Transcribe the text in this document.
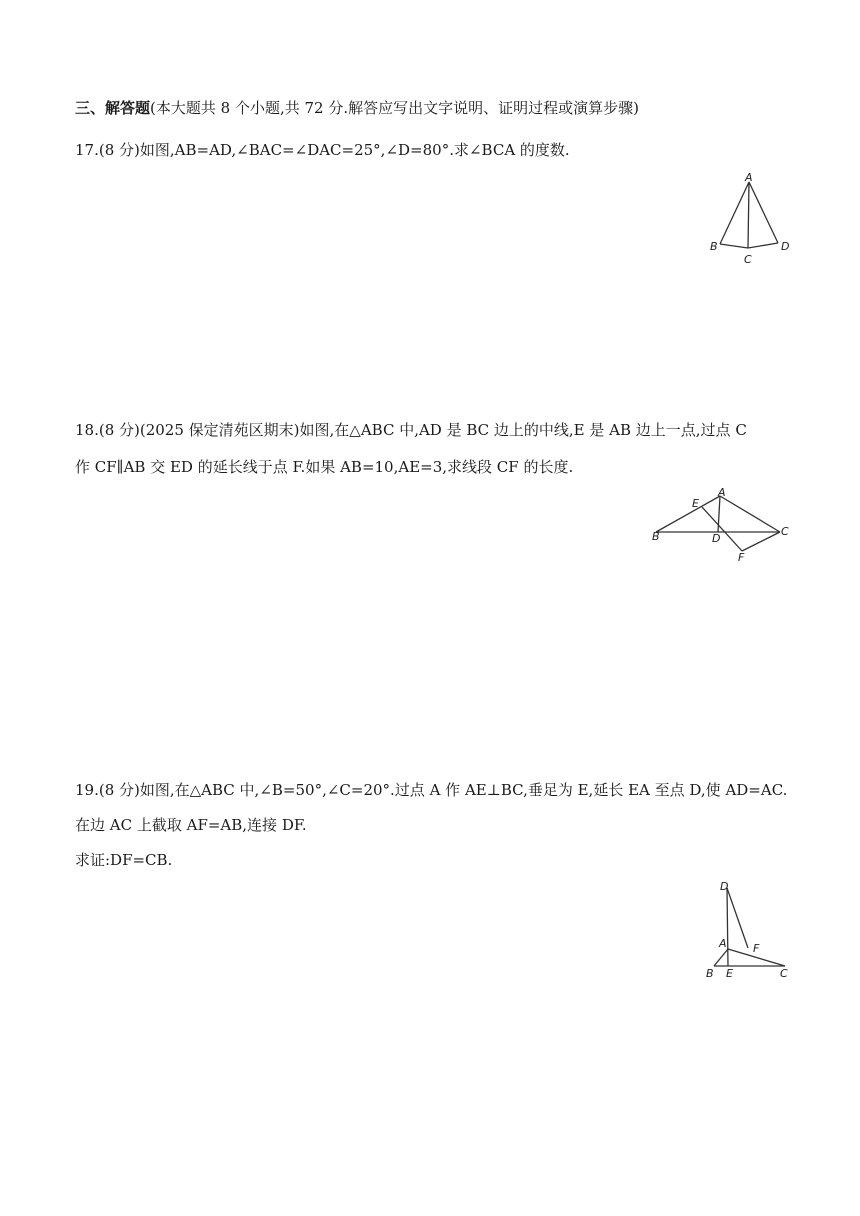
三、解答题(本大题共 8 个小题,共 72 分.解答应写出文字说明、证明过程或演算步骤)
17.(8 分)如图,AB=AD,∠BAC=∠DAC=25°,∠D=80°.求∠BCA 的度数.
A
B
C
D
18.(8 分)(2025 保定清苑区期末)如图,在△ABC 中,AD 是 BC 边上的中线,E 是 AB 边上一点,过点 C
作 CF∥AB 交 ED 的延长线于点 F.如果 AB=10,AE=3,求线段 CF 的长度.
A
E
B	D
C
F
19.(8 分)如图,在△ABC 中,∠B=50°,∠C=20°.过点 A 作 AE⊥BC,垂足为 E,延长 EA 至点 D,使 AD=AC.
在边 AC 上截取 AF=AB,连接 DF.
求证:DF=CB.
D
A F
B E	C
